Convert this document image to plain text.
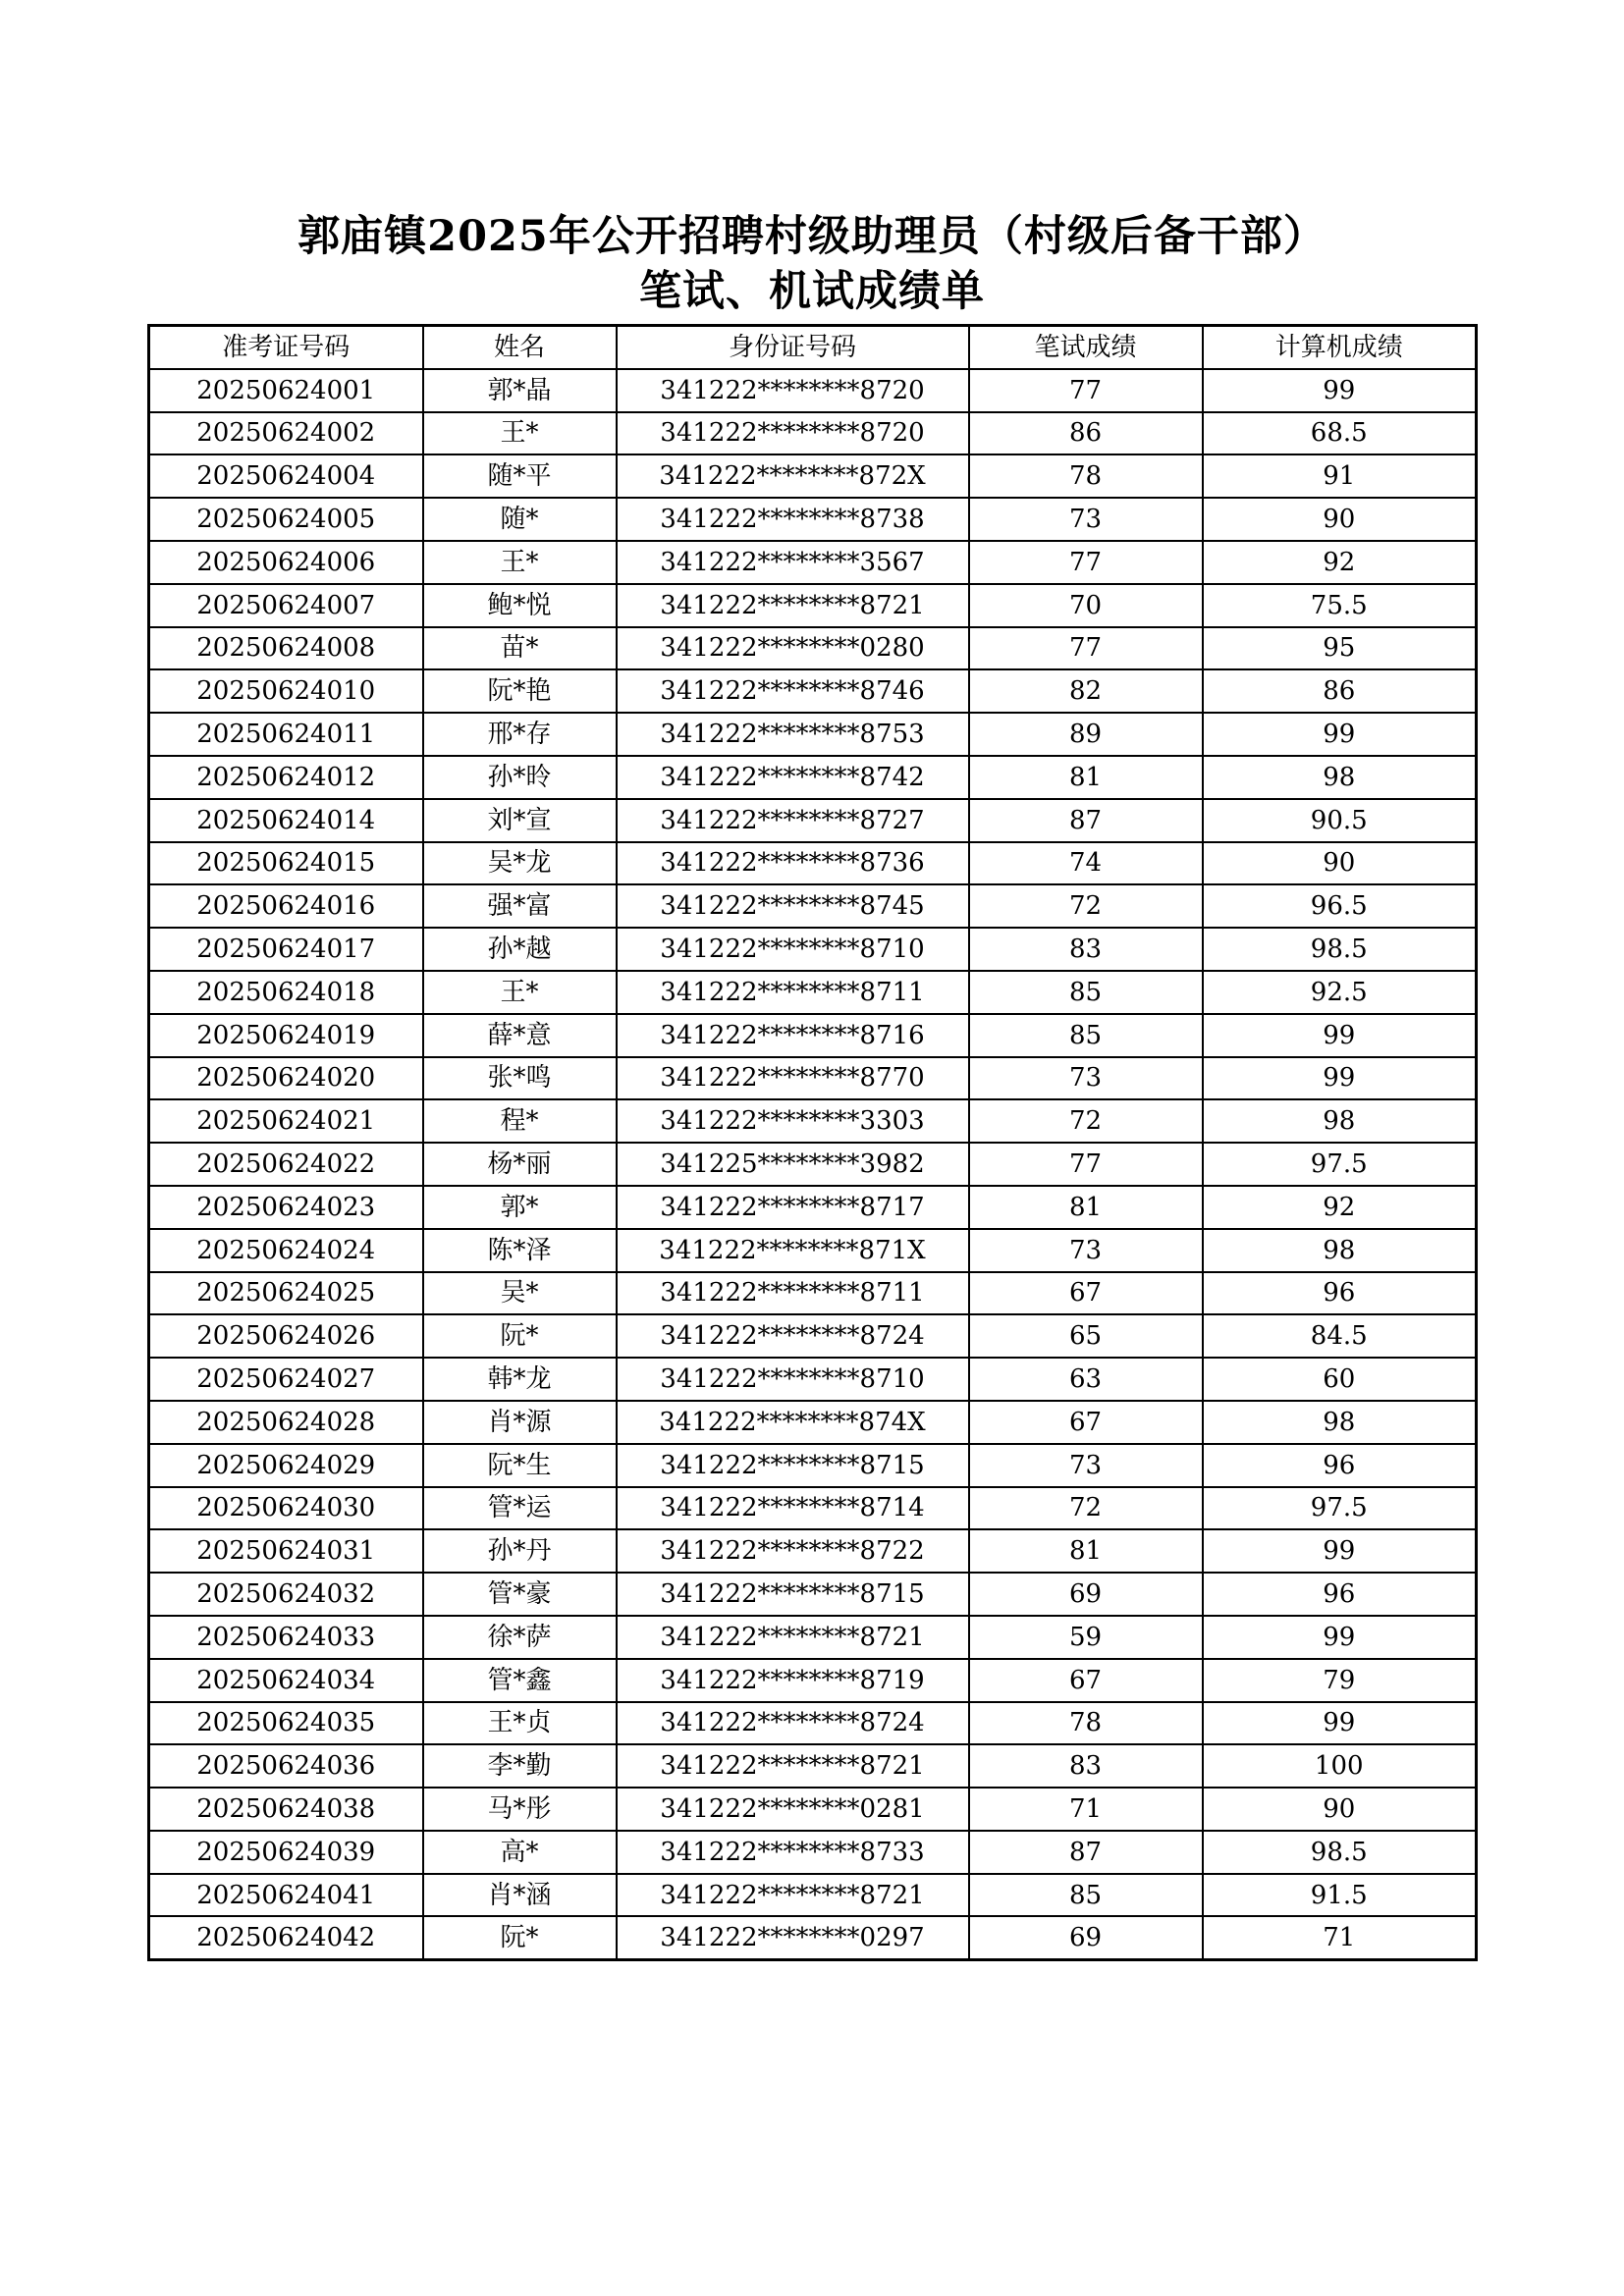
郭庙镇2025年公开招聘村级助理员（村级后备干部）
笔试、机试成绩单
准考证号码	姓名	身份证号码	笔试成绩	计算机成绩
20250624001	郭*晶	341222********8720	77	99
20250624002	王*	341222********8720	86	68.5
20250624004	随*平	341222********872X	78	91
20250624005	随*	341222********8738	73	90
20250624006	王*	341222********3567	77	92
20250624007	鲍*悦	341222********8721	70	75.5
20250624008	苗*	341222********0280	77	95
20250624010	阮*艳	341222********8746	82	86
20250624011	邢*存	341222********8753	89	99
20250624012	孙*昤	341222********8742	81	98
20250624014	刘*宣	341222********8727	87	90.5
20250624015	吴*龙	341222********8736	74	90
20250624016	强*富	341222********8745	72	96.5
20250624017	孙*越	341222********8710	83	98.5
20250624018	王*	341222********8711	85	92.5
20250624019	薛*意	341222********8716	85	99
20250624020	张*鸣	341222********8770	73	99
20250624021	程*	341222********3303	72	98
20250624022	杨*丽	341225********3982	77	97.5
20250624023	郭*	341222********8717	81	92
20250624024	陈*泽	341222********871X	73	98
20250624025	吴*	341222********8711	67	96
20250624026	阮*	341222********8724	65	84.5
20250624027	韩*龙	341222********8710	63	60
20250624028	肖*源	341222********874X	67	98
20250624029	阮*生	341222********8715	73	96
20250624030	管*运	341222********8714	72	97.5
20250624031	孙*丹	341222********8722	81	99
20250624032	管*豪	341222********8715	69	96
20250624033	徐*萨	341222********8721	59	99
20250624034	管*鑫	341222********8719	67	79
20250624035	王*贞	341222********8724	78	99
20250624036	李*勤	341222********8721	83	100
20250624038	马*彤	341222********0281	71	90
20250624039	高*	341222********8733	87	98.5
20250624041	肖*涵	341222********8721	85	91.5
20250624042	阮*	341222********0297	69	71
